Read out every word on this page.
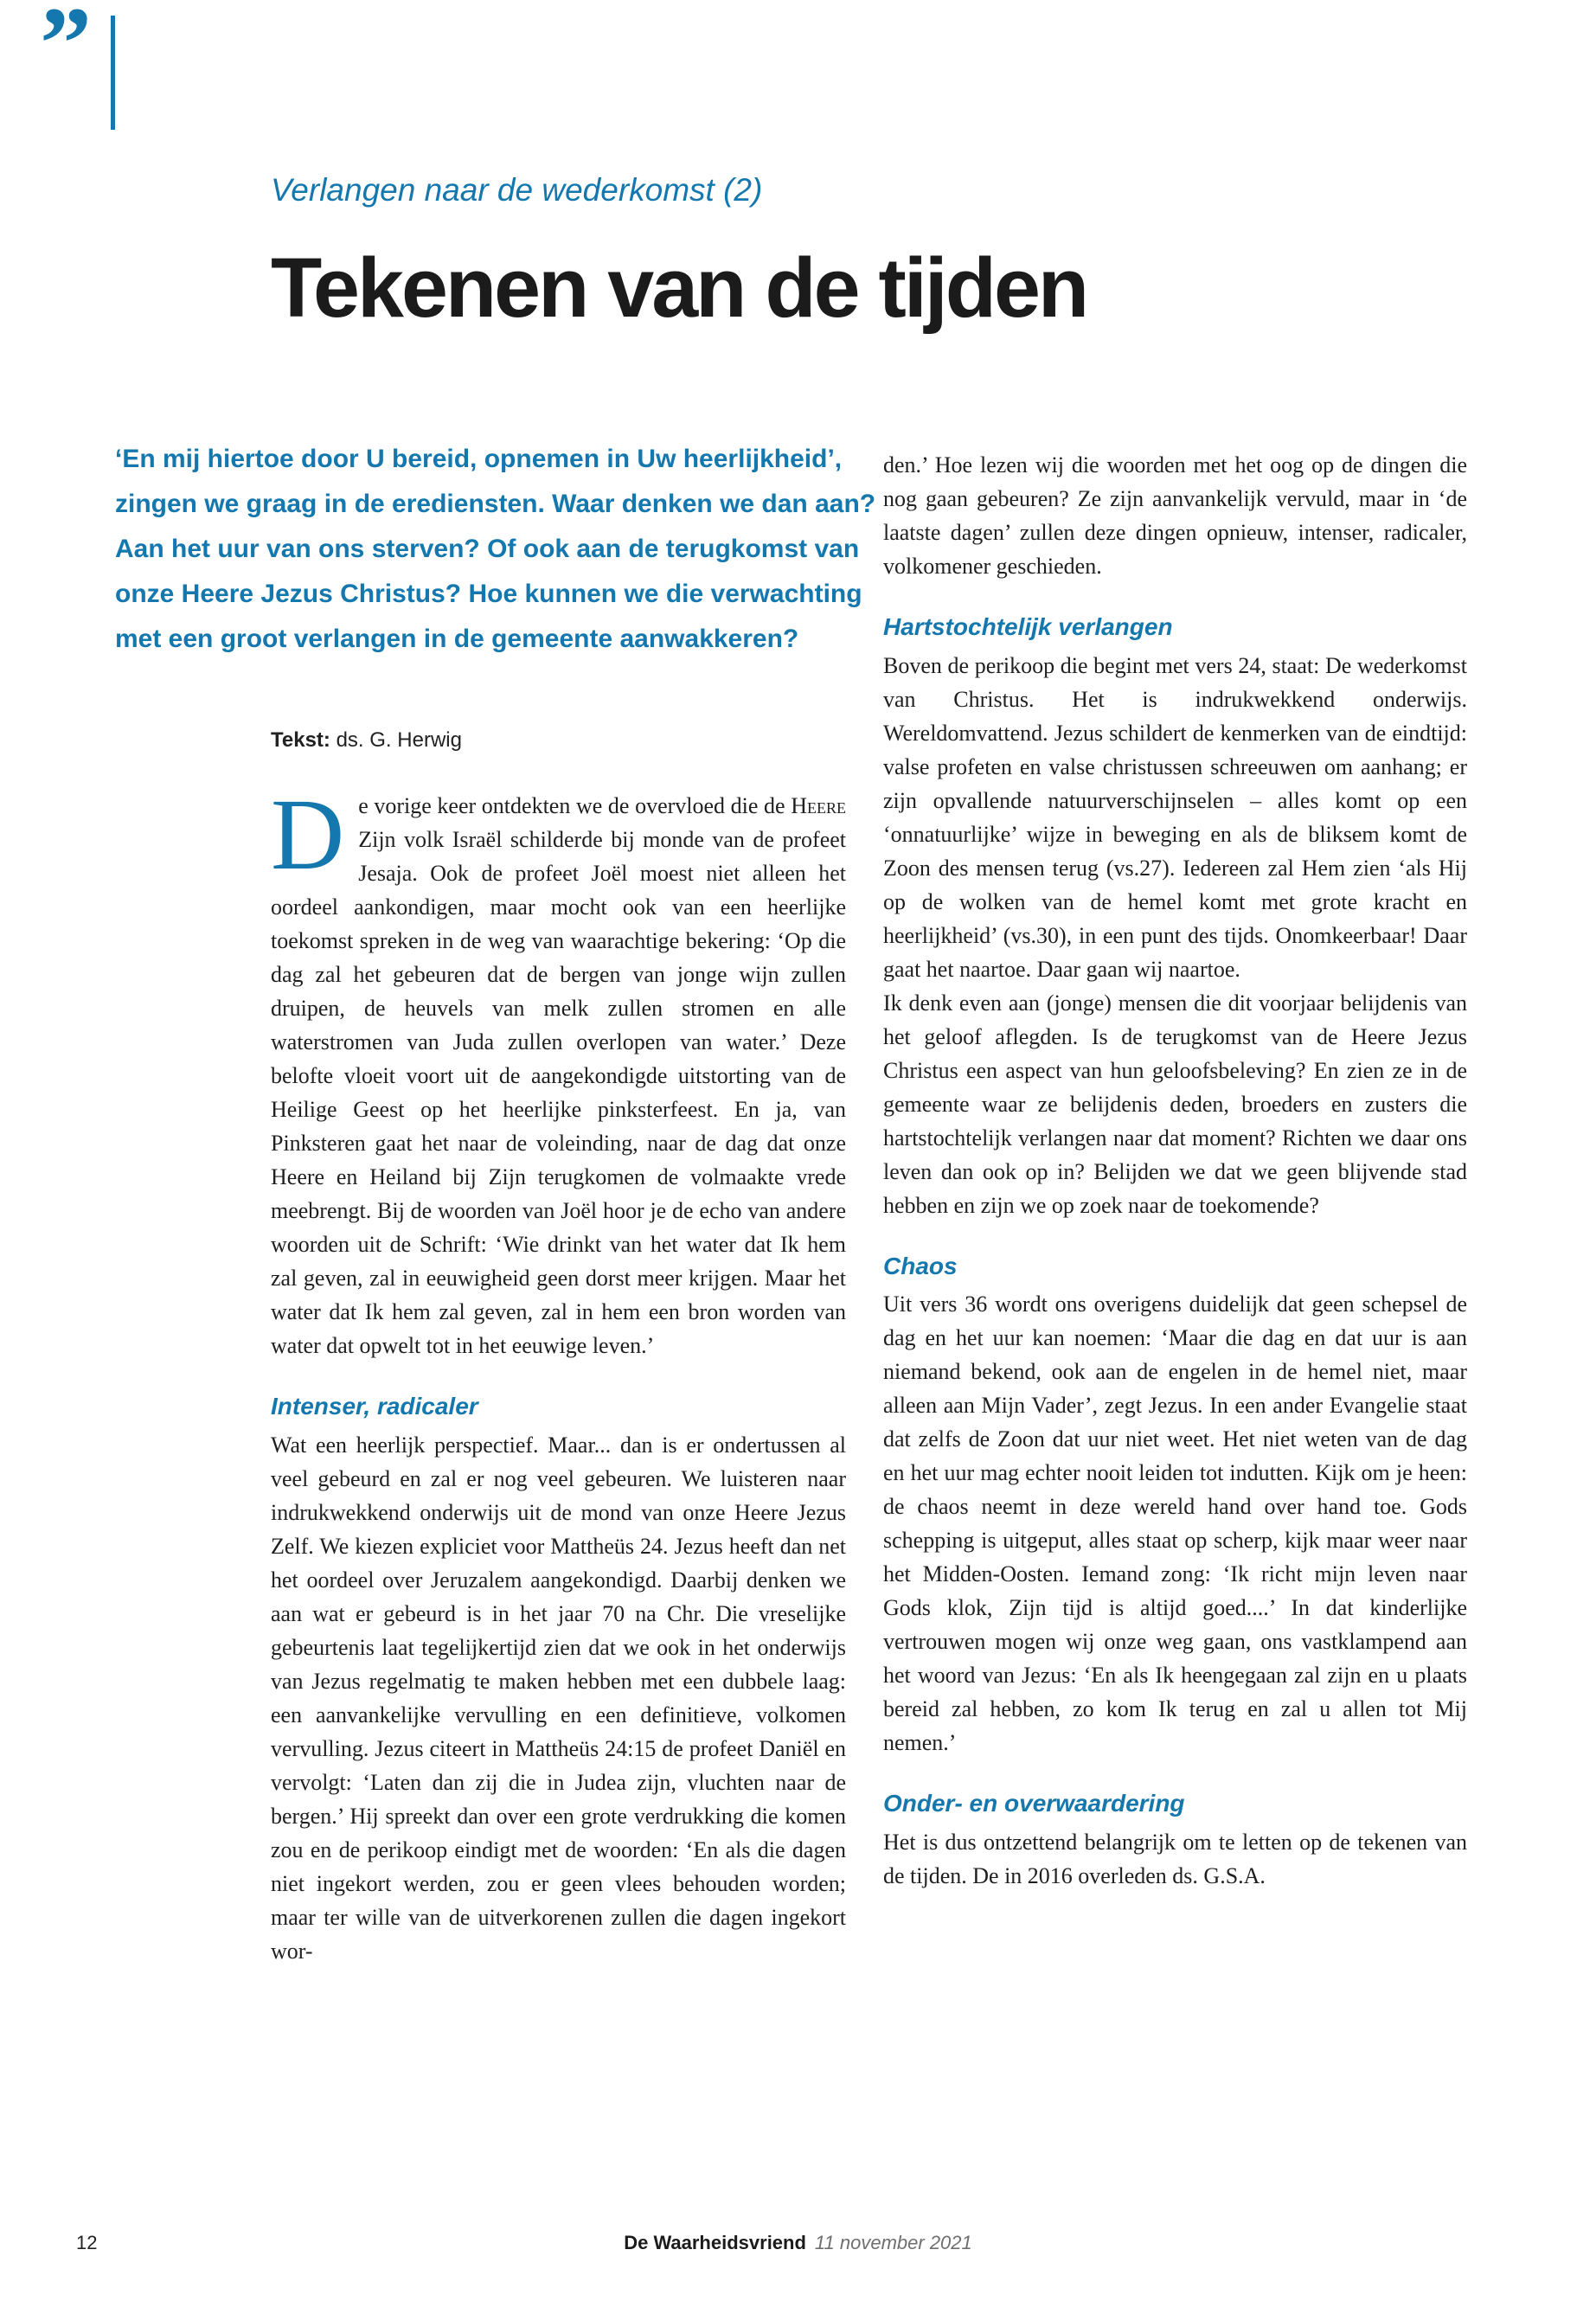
”
Verlangen naar de wederkomst (2)
Tekenen van de tijden
‘En mij hiertoe door U bereid, opnemen in Uw heerlijkheid’, zingen we graag in de erediensten. Waar denken we dan aan? Aan het uur van ons sterven? Of ook aan de terugkomst van onze Heere Jezus Christus? Hoe kunnen we die verwachting met een groot verlangen in de gemeente aanwakkeren?
Tekst: ds. G. Herwig

De vorige keer ontdekten we de overvloed die de Heere Zijn volk Israël schilderde bij monde van de profeet Jesaja. Ook de profeet Joël moest niet alleen het oordeel aankondigen, maar mocht ook van een heerlijke toekomst spreken in de weg van waarachtige bekering: ‘Op die dag zal het gebeuren dat de bergen van jonge wijn zullen druipen, de heuvels van melk zullen stromen en alle waterstromen van Juda zullen overlopen van water.’ Deze belofte vloeit voort uit de aangekondigde uitstorting van de Heilige Geest op het heerlijke pinksterfeest. En ja, van Pinksteren gaat het naar de voleinding, naar de dag dat onze Heere en Heiland bij Zijn terugkomen de volmaakte vrede meebrengt. Bij de woorden van Joël hoor je de echo van andere woorden uit de Schrift: ‘Wie drinkt van het water dat Ik hem zal geven, zal in eeuwigheid geen dorst meer krijgen. Maar het water dat Ik hem zal geven, zal in hem een bron worden van water dat opwelt tot in het eeuwige leven.’

Intenser, radicaler

Wat een heerlijk perspectief. Maar... dan is er ondertussen al veel gebeurd en zal er nog veel gebeuren. We luisteren naar indrukwekkend onderwijs uit de mond van onze Heere Jezus Zelf. We kiezen expliciet voor Mattheüs 24. Jezus heeft dan net het oordeel over Jeruzalem aangekondigd. Daarbij denken we aan wat er gebeurd is in het jaar 70 na Chr. Die vreselijke gebeurtenis laat tegelijkertijd zien dat we ook in het onderwijs van Jezus regelmatig te maken hebben met een dubbele laag: een aanvankelijke vervulling en een definitieve, volkomen vervulling. Jezus citeert in Mattheüs 24:15 de profeet Daniël en vervolgt: ‘Laten dan zij die in Judea zijn, vluchten naar de bergen.’ Hij spreekt dan over een grote verdrukking die komen zou en de perikoop eindigt met de woorden: ‘En als die dagen niet ingekort werden, zou er geen vlees behouden worden; maar ter wille van de uitverkorenen zullen die dagen ingekort wor-

den.’ Hoe lezen wij die woorden met het oog op de dingen die nog gaan gebeuren? Ze zijn aanvankelijk vervuld, maar in ‘de laatste dagen’ zullen deze dingen opnieuw, intenser, radicaler, volkomener geschieden.

Hartstochtelijk verlangen

Boven de perikoop die begint met vers 24, staat: De wederkomst van Christus. Het is indrukwekkend onderwijs. Wereldomvattend. Jezus schildert de kenmerken van de eindtijd: valse profeten en valse christussen schreeuwen om aanhang; er zijn opvallende natuurverschijnselen – alles komt op een ‘onnatuurlijke’ wijze in beweging en als de bliksem komt de Zoon des mensen terug (vs.27). Iedereen zal Hem zien ‘als Hij op de wolken van de hemel komt met grote kracht en heerlijkheid’ (vs.30), in een punt des tijds. Onomkeerbaar! Daar gaat het naartoe. Daar gaan wij naartoe.

Ik denk even aan (jonge) mensen die dit voorjaar belijdenis van het geloof aflegden. Is de terugkomst van de Heere Jezus Christus een aspect van hun geloofsbeleving? En zien ze in de gemeente waar ze belijdenis deden, broeders en zusters die hartstochtelijk verlangen naar dat moment? Richten we daar ons leven dan ook op in? Belijden we dat we geen blijvende stad hebben en zijn we op zoek naar de toekomende?

Chaos

Uit vers 36 wordt ons overigens duidelijk dat geen schepsel de dag en het uur kan noemen: ‘Maar die dag en dat uur is aan niemand bekend, ook aan de engelen in de hemel niet, maar alleen aan Mijn Vader’, zegt Jezus. In een ander Evangelie staat dat zelfs de Zoon dat uur niet weet. Het niet weten van de dag en het uur mag echter nooit leiden tot indutten. Kijk om je heen: de chaos neemt in deze wereld hand over hand toe. Gods schepping is uitgeput, alles staat op scherp, kijk maar weer naar het Midden-Oosten. Iemand zong: ‘Ik richt mijn leven naar Gods klok, Zijn tijd is altijd goed....’ In dat kinderlijke vertrouwen mogen wij onze weg gaan, ons vastklampend aan het woord van Jezus: ‘En als Ik heengegaan zal zijn en u plaats bereid zal hebben, zo kom Ik terug en zal u allen tot Mij nemen.’

Onder- en overwaardering

Het is dus ontzettend belangrijk om te letten op de tekenen van de tijden. De in 2016 overleden ds. G.S.A.

12	De Waarheidsvriend 11 november 2021
